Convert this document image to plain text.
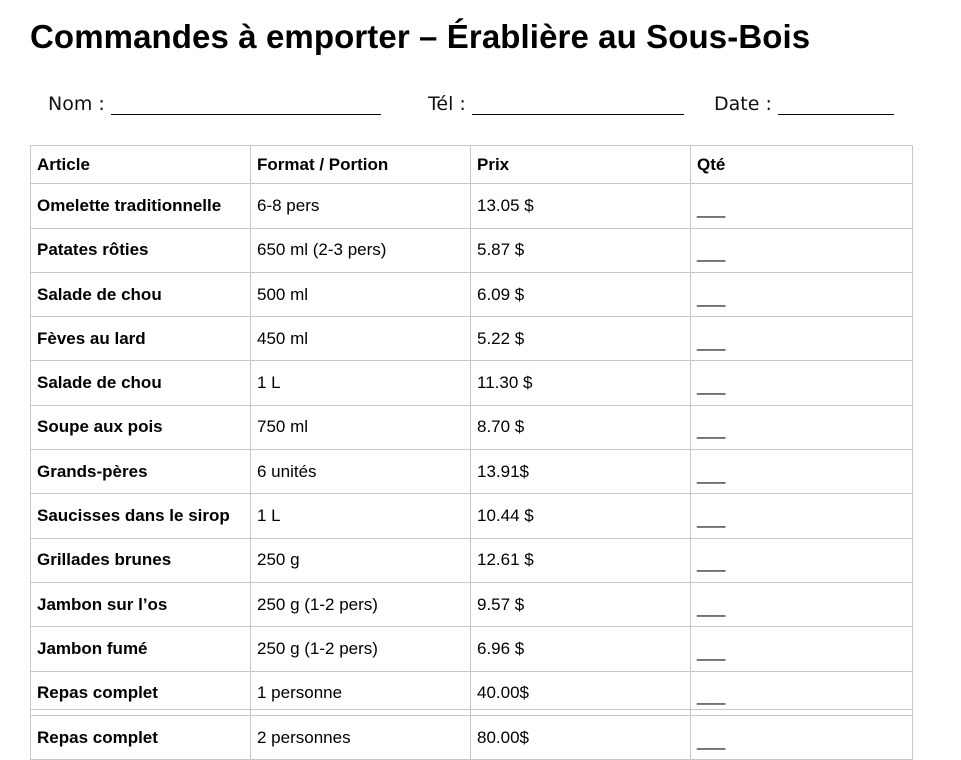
Commandes à emporter – Érablière au Sous-Bois
Nom :	Tél :	Date :
Article	Format / Portion	Prix	Qté
Omelette traditionnelle	6-8 pers	13.05 $	___
Patates rôties	650 ml (2-3 pers)	5.87 $	___
Salade de chou	500 ml	6.09 $	___
Fèves au lard	450 ml	5.22 $	___
Salade de chou	1 L	11.30 $	___
Soupe aux pois	750 ml	8.70 $	___
Grands-pères	6 unités	13.91$	___
Saucisses dans le sirop	1 L	10.44 $	___
Grillades brunes	250 g	12.61 $	___
Jambon sur l’os	250 g (1-2 pers)	9.57 $	___
Jambon fumé	250 g (1-2 pers)	6.96 $	___
Repas complet	1 personne	40.00$	___
Repas complet	2 personnes	80.00$	___
